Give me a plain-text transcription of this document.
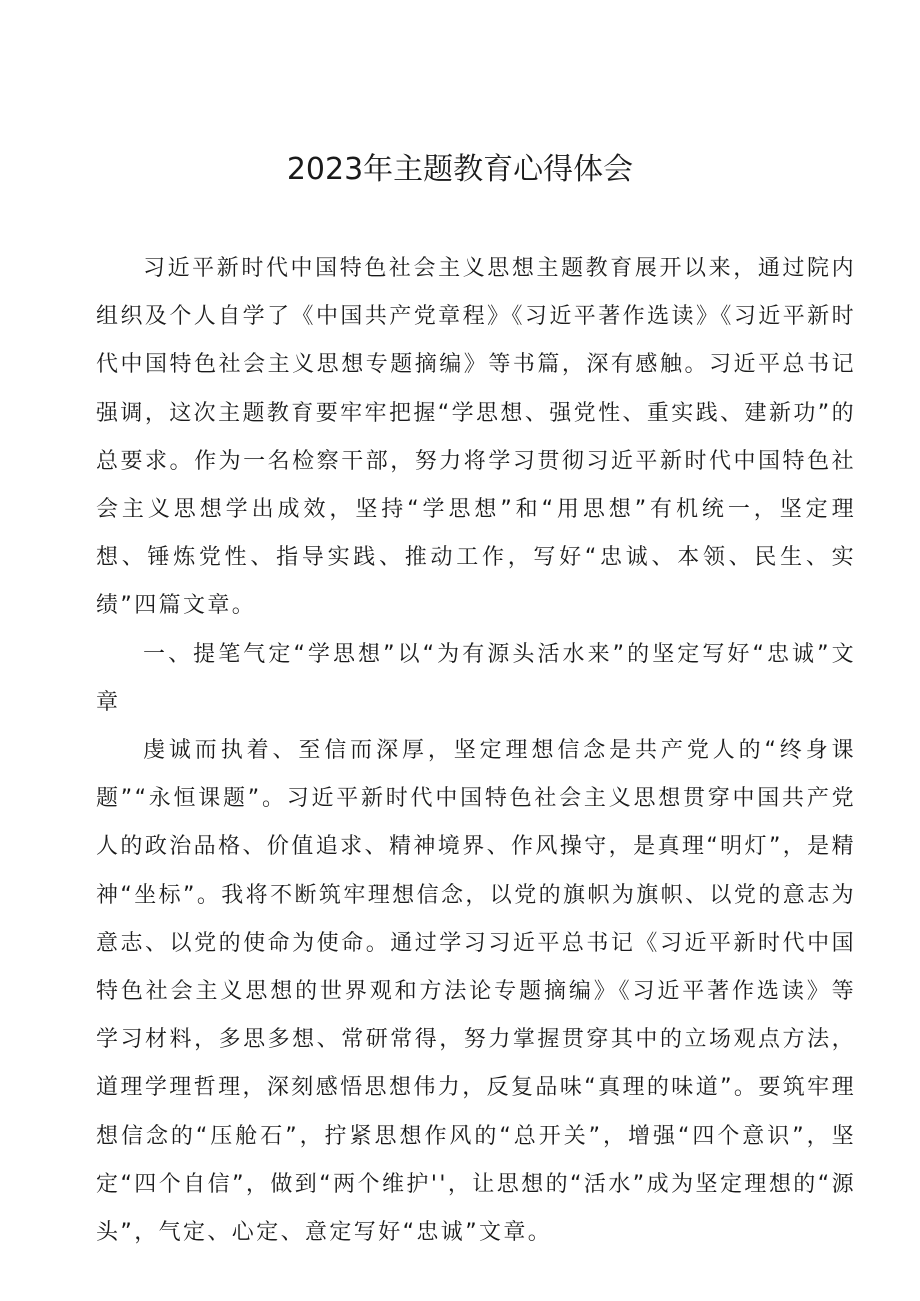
2023年主题教育心得体会

习近平新时代中国特色社会主义思想主题教育展开以来，通过院内组织及个人自学了《中国共产党章程》《习近平著作选读》《习近平新时代中国特色社会主义思想专题摘编》等书篇，深有感触。习近平总书记强调，这次主题教育要牢牢把握“学思想、强党性、重实践、建新功”的总要求。作为一名检察干部，努力将学习贯彻习近平新时代中国特色社会主义思想学出成效，坚持“学思想”和“用思想”有机统一，坚定理想、锤炼党性、指导实践、推动工作，写好“忠诚、本领、民生、实绩”四篇文章。

一、提笔气定“学思想”以“为有源头活水来”的坚定写好“忠诚”文章

虔诚而执着、至信而深厚，坚定理想信念是共产党人的“终身课题”“永恒课题”。习近平新时代中国特色社会主义思想贯穿中国共产党人的政治品格、价值追求、精神境界、作风操守，是真理“明灯”，是精神“坐标”。我将不断筑牢理想信念，以党的旗帜为旗帜、以党的意志为意志、以党的使命为使命。通过学习习近平总书记《习近平新时代中国特色社会主义思想的世界观和方法论专题摘编》《习近平著作选读》等学习材料，多思多想、常研常得，努力掌握贯穿其中的立场观点方法，道理学理哲理，深刻感悟思想伟力，反复品味“真理的味道”。要筑牢理想信念的“压舱石”，拧紧思想作风的“总开关”，增强“四个意识”，坚定“四个自信”，做到“两个维护''，让思想的“活水”成为坚定理想的“源头”，气定、心定、意定写好“忠诚”文章。
